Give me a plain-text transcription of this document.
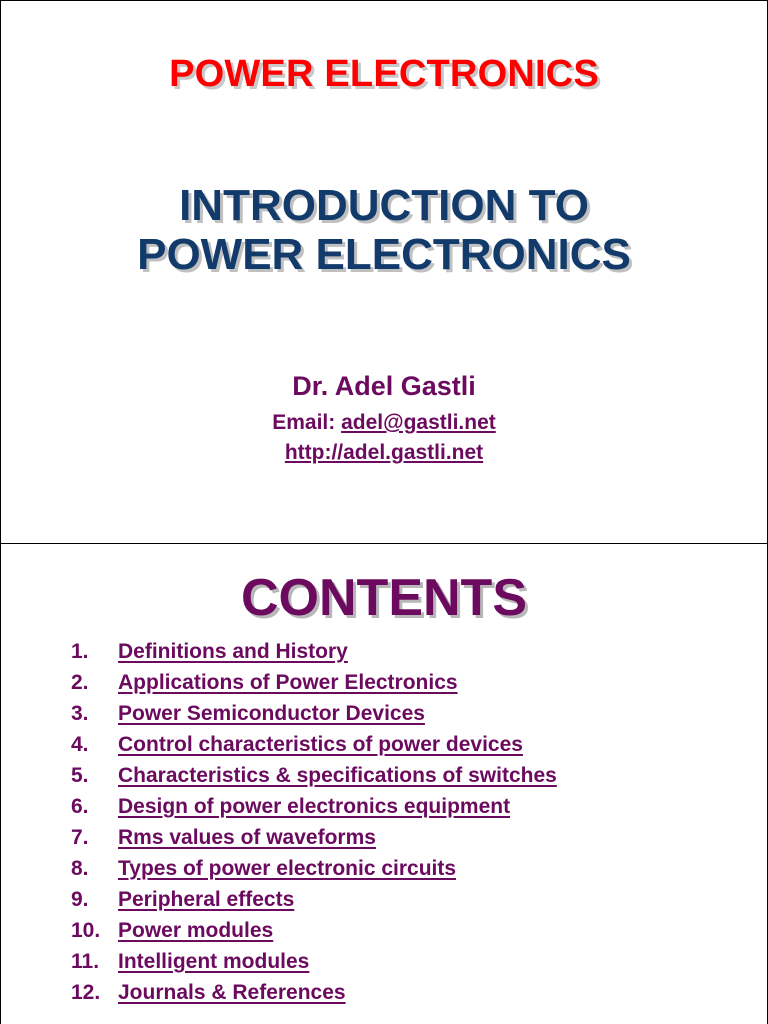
POWER ELECTRONICS

INTRODUCTION TO
POWER ELECTRONICS

Dr. Adel Gastli

Email: adel@gastli.net

http://adel.gastli.net

CONTENTS

1.	Definitions and History
2.	Applications of Power Electronics
3.	Power Semiconductor Devices
4.	Control characteristics of power devices
5.	Characteristics & specifications of switches
6.	Design of power electronics equipment
7.	Rms values of waveforms
8.	Types of power electronic circuits
9.	Peripheral effects
10. Power modules
11. Intelligent modules
12. Journals & References
